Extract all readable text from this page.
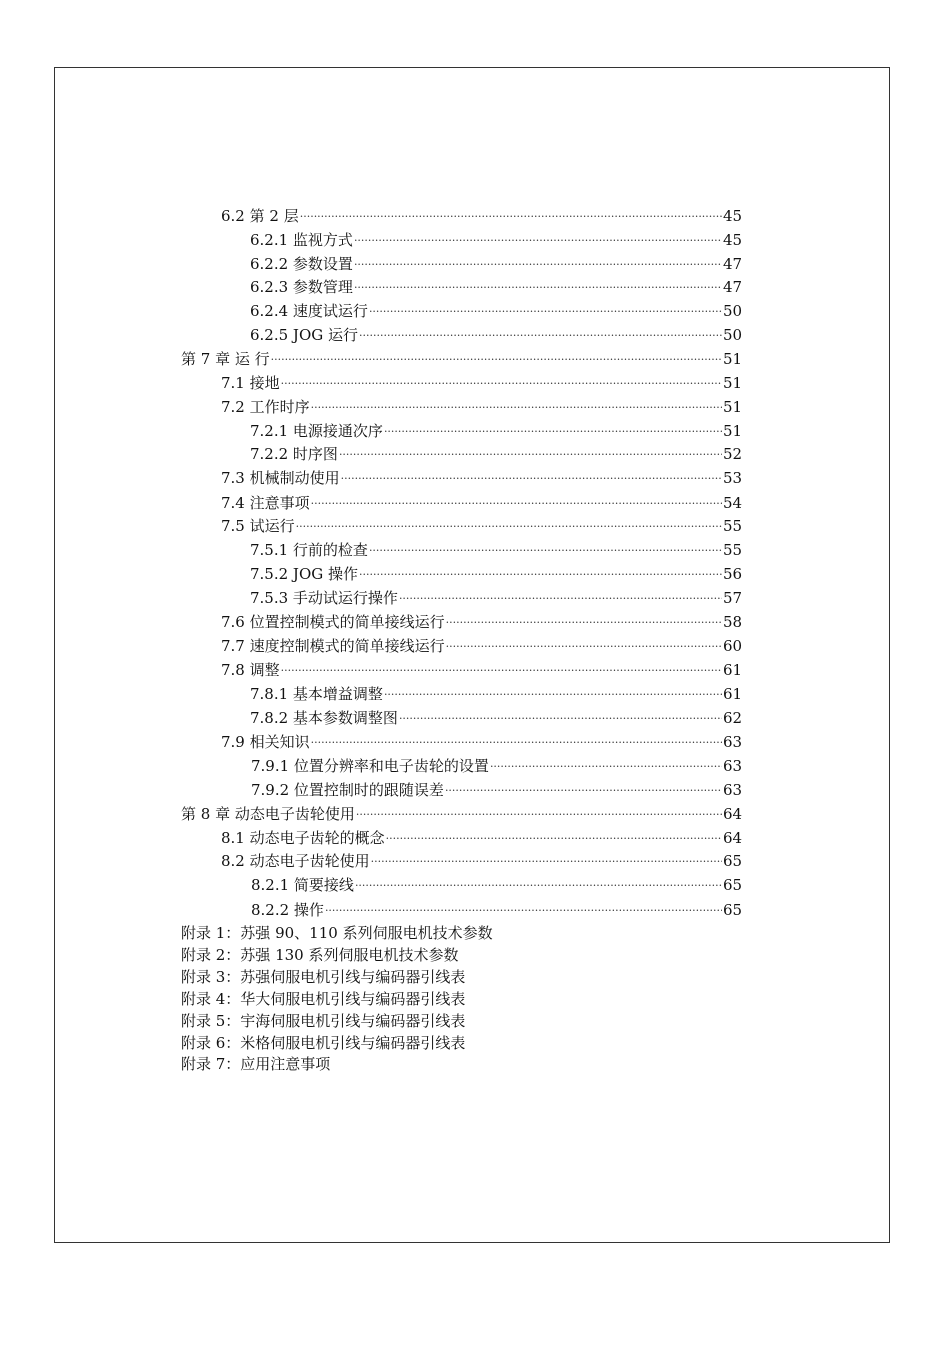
6.2 第 2 层 ·····	45
6.2.1 监视方式 ·····	45
6.2.2 参数设置 ·····	47
6.2.3 参数管理 ·····	47
6.2.4 速度试运行 ·····	50
6.2.5 JOG 运行 ·····	50
第 7 章 运 行 ·····	51
7.1 接地 ·····	51
7.2 工作时序 ·····	51
7.2.1 电源接通次序 ·····	51
7.2.2 时序图 ·····	52
7.3 机械制动使用 ·····	53
7.4 注意事项 ·····	54
7.5 试运行 ·····	55
7.5.1 行前的检查 ·····	55
7.5.2 JOG 操作 ·····	56
7.5.3 手动试运行操作 ·····	57
7.6 位置控制模式的简单接线运行 ·····	58
7.7 速度控制模式的简单接线运行 ·····	60
7.8 调整 ·····	61
7.8.1 基本增益调整 ·····	61
7.8.2 基本参数调整图 ·····	62
7.9 相关知识 ·····	63
7.9.1 位置分辨率和电子齿轮的设置 ·····	63
7.9.2 位置控制时的跟随误差 ·····	63
第 8 章 动态电子齿轮使用 ·····	64
8.1 动态电子齿轮的概念 ·····	64
8.2 动态电子齿轮使用 ·····	65
8.2.1 简要接线 ·····	65
8.2.2 操作 ·····	65
附录 1：苏强 90、110 系列伺服电机技术参数
附录 2：苏强 130 系列伺服电机技术参数
附录 3：苏强伺服电机引线与编码器引线表
附录 4：华大伺服电机引线与编码器引线表
附录 5：宇海伺服电机引线与编码器引线表
附录 6：米格伺服电机引线与编码器引线表
附录 7：应用注意事项
